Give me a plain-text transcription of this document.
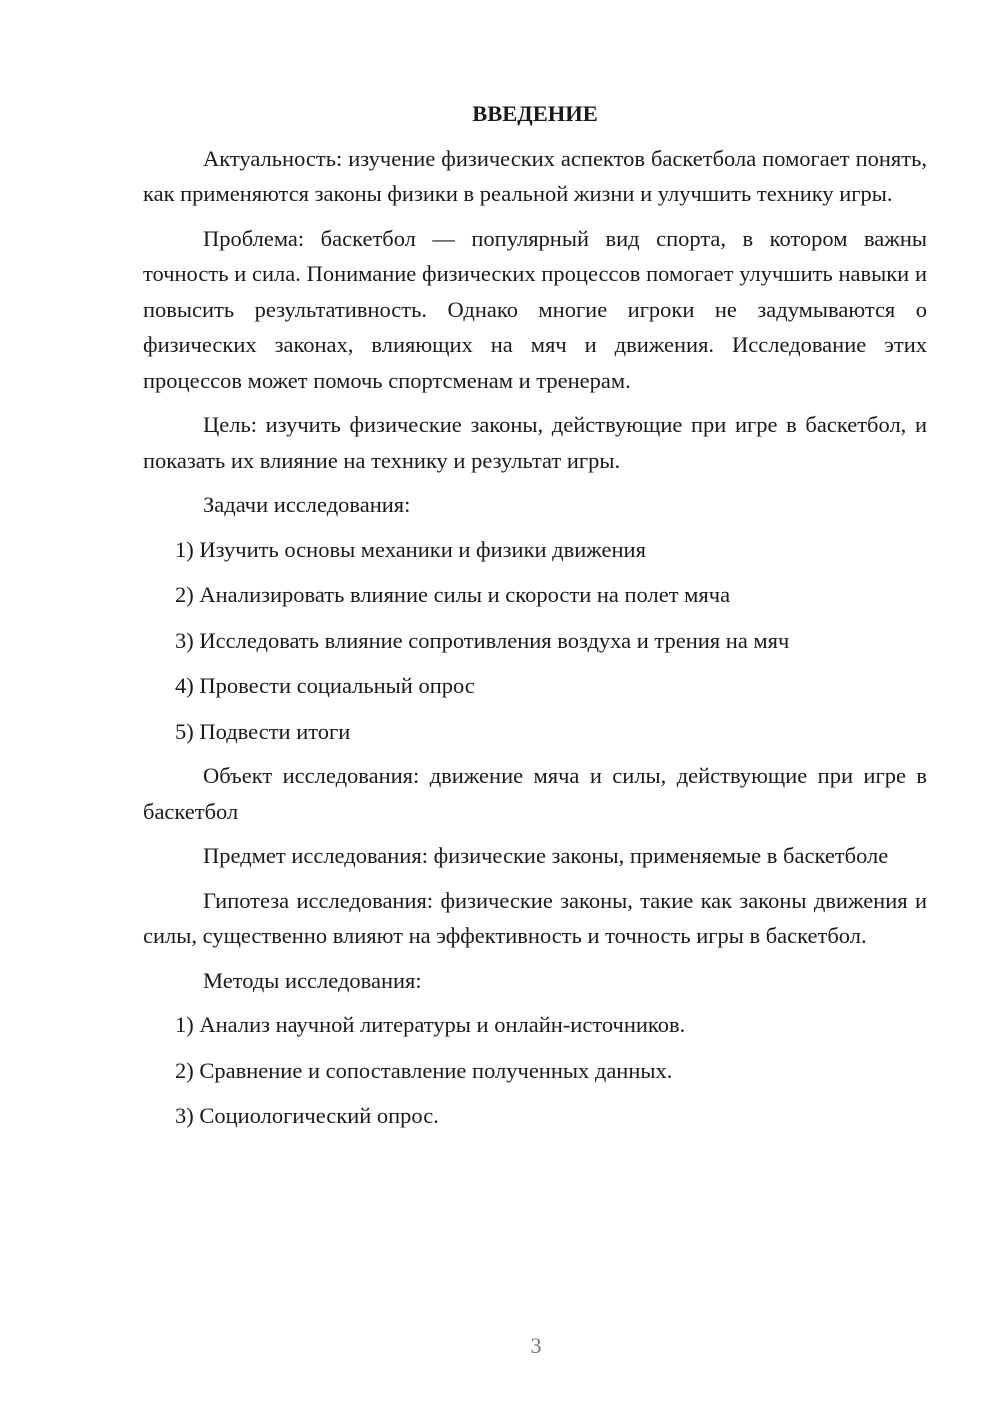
ВВЕДЕНИЕ

Актуальность: изучение физических аспектов баскетбола помогает понять, как применяются законы физики в реальной жизни и улучшить технику игры.

Проблема: баскетбол — популярный вид спорта, в котором важны точность и сила. Понимание физических процессов помогает улучшить навыки и повысить результативность. Однако многие игроки не задумываются о физических законах, влияющих на мяч и движения. Исследование этих процессов может помочь спортсменам и тренерам.

Цель: изучить физические законы, действующие при игре в баскетбол, и показать их влияние на технику и результат игры.

Задачи исследования:

1) Изучить основы механики и физики движения
2) Анализировать влияние силы и скорости на полет мяча
3) Исследовать влияние сопротивления воздуха и трения на мяч
4) Провести социальный опрос
5) Подвести итоги

Объект исследования: движение мяча и силы, действующие при игре в баскетбол

Предмет исследования: физические законы, применяемые в баскетболе

Гипотеза исследования: физические законы, такие как законы движения и силы, существенно влияют на эффективность и точность игры в баскетбол.

Методы исследования:

1) Анализ научной литературы и онлайн-источников.
2) Сравнение и сопоставление полученных данных.
3) Социологический опрос.
3
